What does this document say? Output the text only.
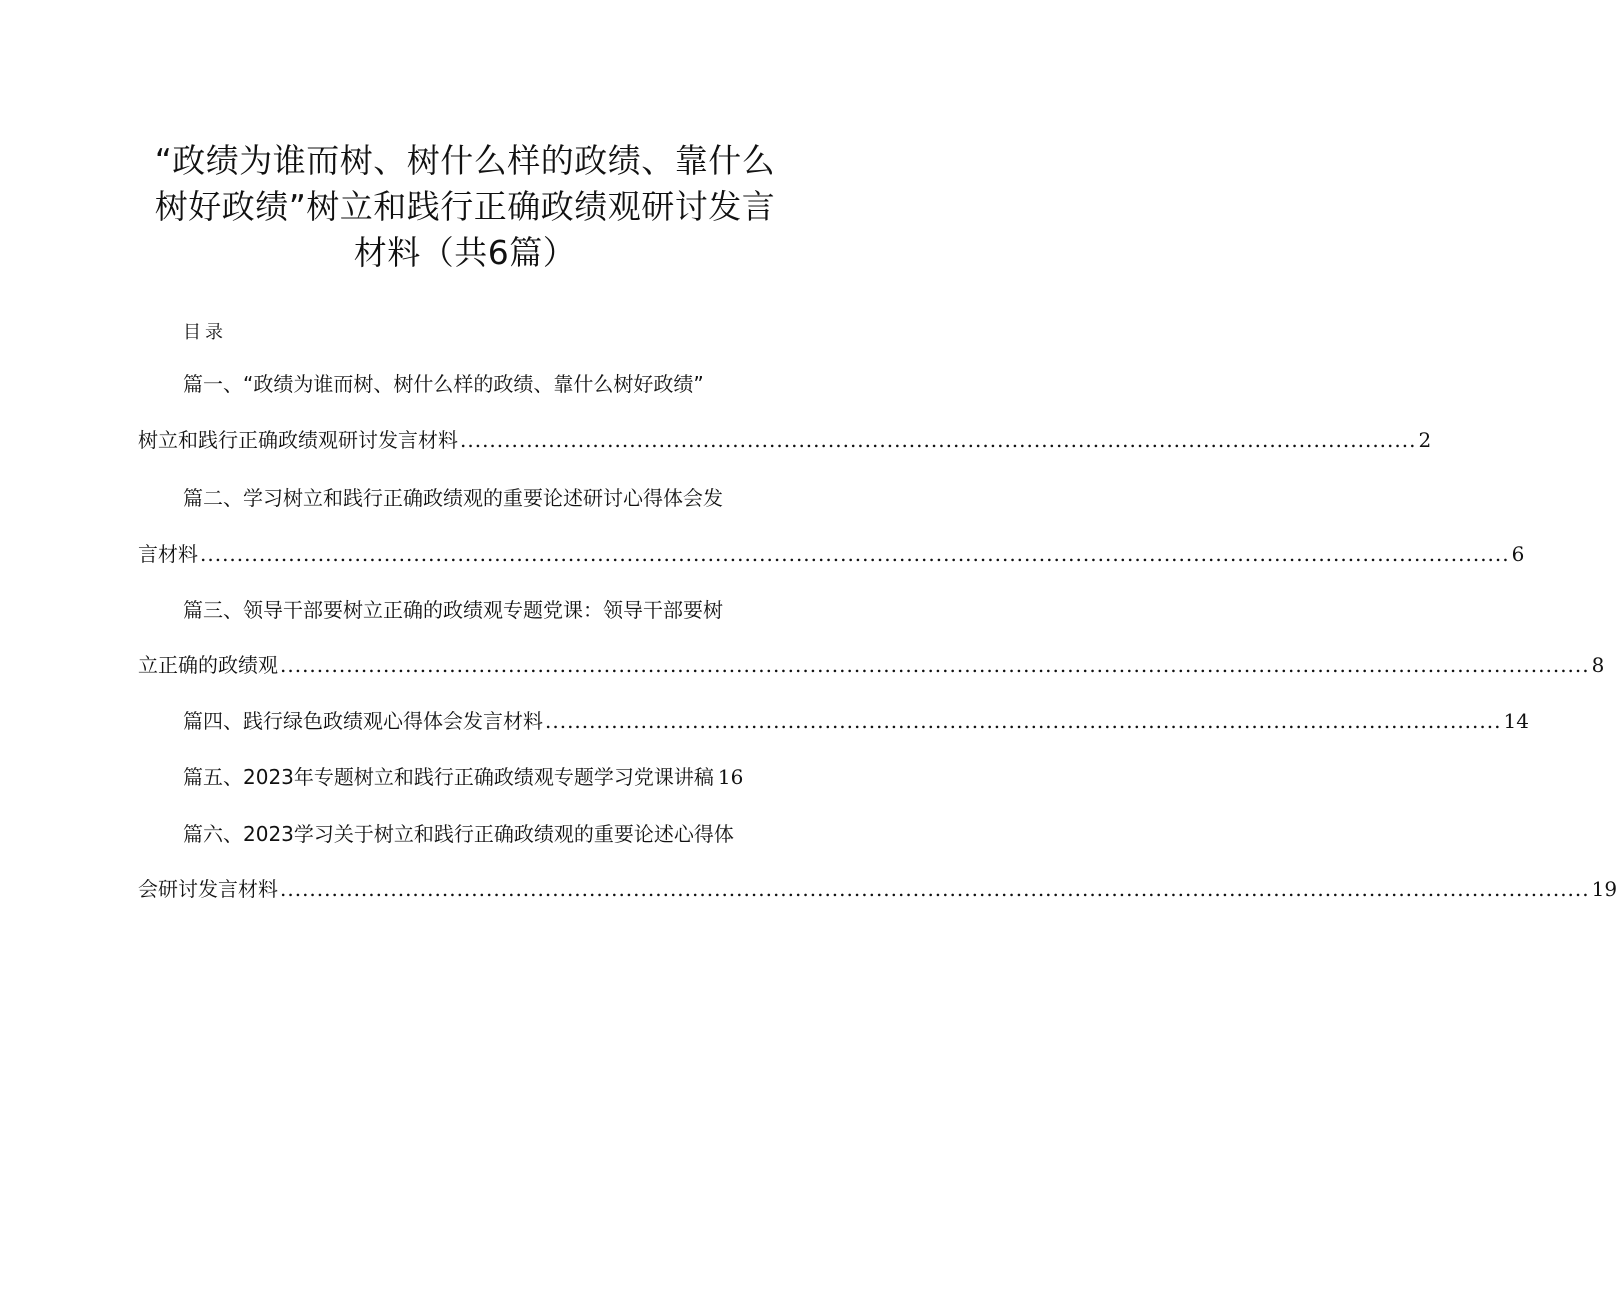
“政绩为谁而树、树什么样的政绩、靠什么
树好政绩”树立和践行正确政绩观研讨发言
材料（共6篇）
目录
篇一、“政绩为谁而树、树什么样的政绩、靠什么树好政绩”
树立和践行正确政绩观研讨发言材料 .................................................................................................................................. 2
篇二、学习树立和践行正确政绩观的重要论述研讨心得体会发
言材料 .................................................................................................................................................................................. 6
篇三、领导干部要树立正确的政绩观专题党课：领导干部要树
立正确的政绩观 .................................................................................................................................................................................. 8
篇四、践行绿色政绩观心得体会发言材料 .................................................................................................................................. 14
篇五、2023年专题树立和践行正确政绩观专题学习党课讲稿 16
篇六、2023学习关于树立和践行正确政绩观的重要论述心得体
会研讨发言材料 .................................................................................................................................................................................. 19
